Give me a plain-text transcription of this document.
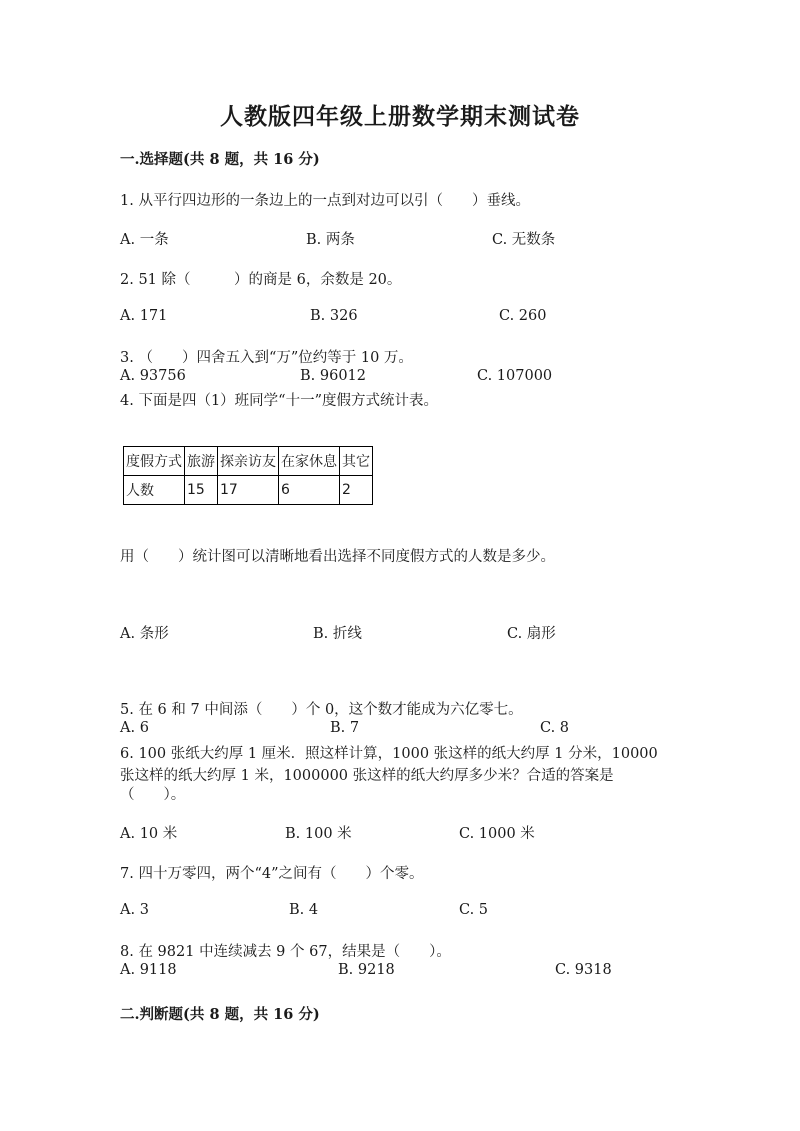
人教版四年级上册数学期末测试卷
一.选择题(共 8 题，共 16 分)
1. 从平行四边形的一条边上的一点到对边可以引（　　）垂线。
A. 一条	B. 两条	C. 无数条
2. 51 除（　　　）的商是 6，余数是 20。
A. 171	B. 326	C. 260
3. （　　）四舍五入到“万”位约等于 10 万。
A. 93756	B. 96012	C. 107000
4. 下面是四（1）班同学“十一”度假方式统计表。
度假方式	旅游	探亲访友	在家休息	其它
人数	15	17	6	2
用（　　）统计图可以清晰地看出选择不同度假方式的人数是多少。
A. 条形	B. 折线	C. 扇形
5. 在 6 和 7 中间添（　　）个 0，这个数才能成为六亿零七。
A. 6	B. 7	C. 8
6. 100 张纸大约厚 1 厘米．照这样计算，1000 张这样的纸大约厚 1 分米，10000
张这样的纸大约厚 1 米，1000000 张这样的纸大约厚多少米？合适的答案是
（　　）。
A. 10 米	B. 100 米	C. 1000 米
7. 四十万零四，两个“4”之间有（　　）个零。
A. 3	B. 4	C. 5
8. 在 9821 中连续减去 9 个 67，结果是（　　）。
A. 9118	B. 9218	C. 9318
二.判断题(共 8 题，共 16 分)
